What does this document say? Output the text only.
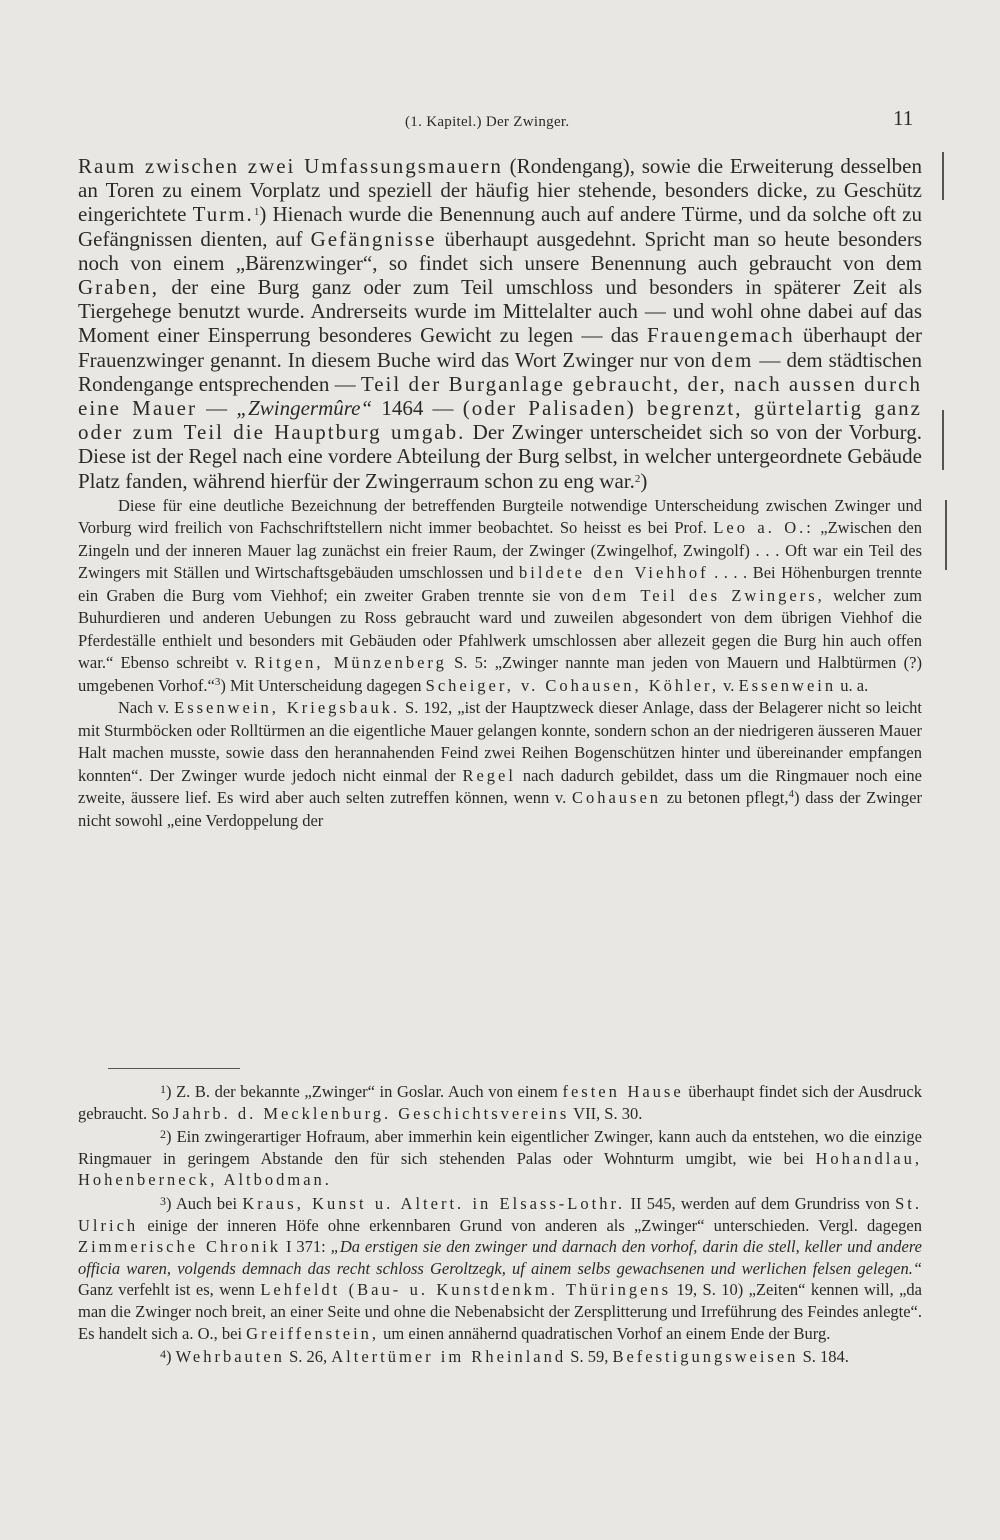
(1. Kapitel.) Der Zwinger.	11

Raum zwischen zwei Umfassungsmauern (Rondengang), sowie die Erweiterung desselben an Toren zu einem Vorplatz und speziell der häufig hier stehende, besonders dicke, zu Geschütz eingerichtete Turm.$^1$) Hienach wurde die Benennung auch auf andere Türme, und da solche oft zu Gefängnissen dienten, auf Gefängnisse überhaupt ausgedehnt. Spricht man so heute besonders noch von einem „Bärenzwinger“, so findet sich unsere Benennung auch gebraucht von dem Graben, der eine Burg ganz oder zum Teil umschloss und besonders in späterer Zeit als Tiergehege benutzt wurde. Andrerseits wurde im Mittelalter auch — und wohl ohne dabei auf das Moment einer Einsperrung besonderes Gewicht zu legen — das Frauengemach überhaupt der Frauenzwinger genannt. In diesem Buche wird das Wort Zwinger nur von dem — dem städtischen Rondengange entsprechenden — Teil der Burganlage gebraucht, der, nach aussen durch eine Mauer — „Zwingermûre“ 1464 — (oder Palisaden) begrenzt, gürtelartig ganz oder zum Teil die Hauptburg umgab. Der Zwinger unterscheidet sich so von der Vorburg. Diese ist der Regel nach eine vordere Abteilung der Burg selbst, in welcher untergeordnete Gebäude Platz fanden, während hierfür der Zwingerraum schon zu eng war.$^2$)

Diese für eine deutliche Bezeichnung der betreffenden Burgteile notwendige Unterscheidung zwischen Zwinger und Vorburg wird freilich von Fachschriftstellern nicht immer beobachtet. So heisst es bei Prof. Leo a. O.: „Zwischen den Zingeln und der inneren Mauer lag zunächst ein freier Raum, der Zwinger (Zwingelhof, Zwingolf) . . . Oft war ein Teil des Zwingers mit Ställen und Wirtschaftsgebäuden umschlossen und bildete den Viehhof . . . . Bei Höhenburgen trennte ein Graben die Burg vom Viehhof; ein zweiter Graben trennte sie von dem Teil des Zwingers, welcher zum Buhurdieren und anderen Uebungen zu Ross gebraucht ward und zuweilen abgesondert von dem übrigen Viehhof die Pferdeställe enthielt und besonders mit Gebäuden oder Pfahlwerk umschlossen aber allezeit gegen die Burg hin auch offen war.“ Ebenso schreibt v. Ritgen, Münzenberg S. 5: „Zwinger nannte man jeden von Mauern und Halbtürmen (?) umgebenen Vorhof.“$^3$) Mit Unterscheidung dagegen Scheiger, v. Cohausen, Köhler, v. Essenwein u. a.

Nach v. Essenwein, Kriegsbauk. S. 192, „ist der Hauptzweck dieser Anlage, dass der Belagerer nicht so leicht mit Sturmböcken oder Rolltürmen an die eigentliche Mauer gelangen konnte, sondern schon an der niedrigeren äusseren Mauer Halt machen musste, sowie dass den herannahenden Feind zwei Reihen Bogenschützen hinter und übereinander empfangen konnten“. Der Zwinger wurde jedoch nicht einmal der Regel nach dadurch gebildet, dass um die Ringmauer noch eine zweite, äussere lief. Es wird aber auch selten zutreffen können, wenn v. Cohausen zu betonen pflegt,$^4$) dass der Zwinger nicht sowohl „eine Verdoppelung der

$^1$) Z. B. der bekannte „Zwinger“ in Goslar. Auch von einem festen Hause überhaupt findet sich der Ausdruck gebraucht. So Jahrb. d. Mecklenburg. Geschichtsvereins VII, S. 30.

$^2$) Ein zwingerartiger Hofraum, aber immerhin kein eigentlicher Zwinger, kann auch da entstehen, wo die einzige Ringmauer in geringem Abstande den für sich stehenden Palas oder Wohnturm umgibt, wie bei Hohandlau, Hohenberneck, Altbodman.

$^3$) Auch bei Kraus, Kunst u. Altert. in Elsass-Lothr. II 545, werden auf dem Grundriss von St. Ulrich einige der inneren Höfe ohne erkennbaren Grund von anderen als „Zwinger“ unterschieden. Vergl. dagegen Zimmerische Chronik I 371: „Da erstigen sie den zwinger und darnach den vorhof, darin die stell, keller und andere officia waren, volgends demnach das recht schloss Geroltzegk, uf ainem selbs gewachsenen und werlichen felsen gelegen.“ Ganz verfehlt ist es, wenn Lehfeldt (Bau- u. Kunstdenkm. Thüringens 19, S. 10) „Zeiten“ kennen will, „da man die Zwinger noch breit, an einer Seite und ohne die Nebenabsicht der Zersplitterung und Irreführung des Feindes anlegte“. Es handelt sich a. O., bei Greiffenstein, um einen annähernd quadratischen Vorhof an einem Ende der Burg.

$^4$) Wehrbauten S. 26, Altertümer im Rheinland S. 59, Befestigungsweisen S. 184.
